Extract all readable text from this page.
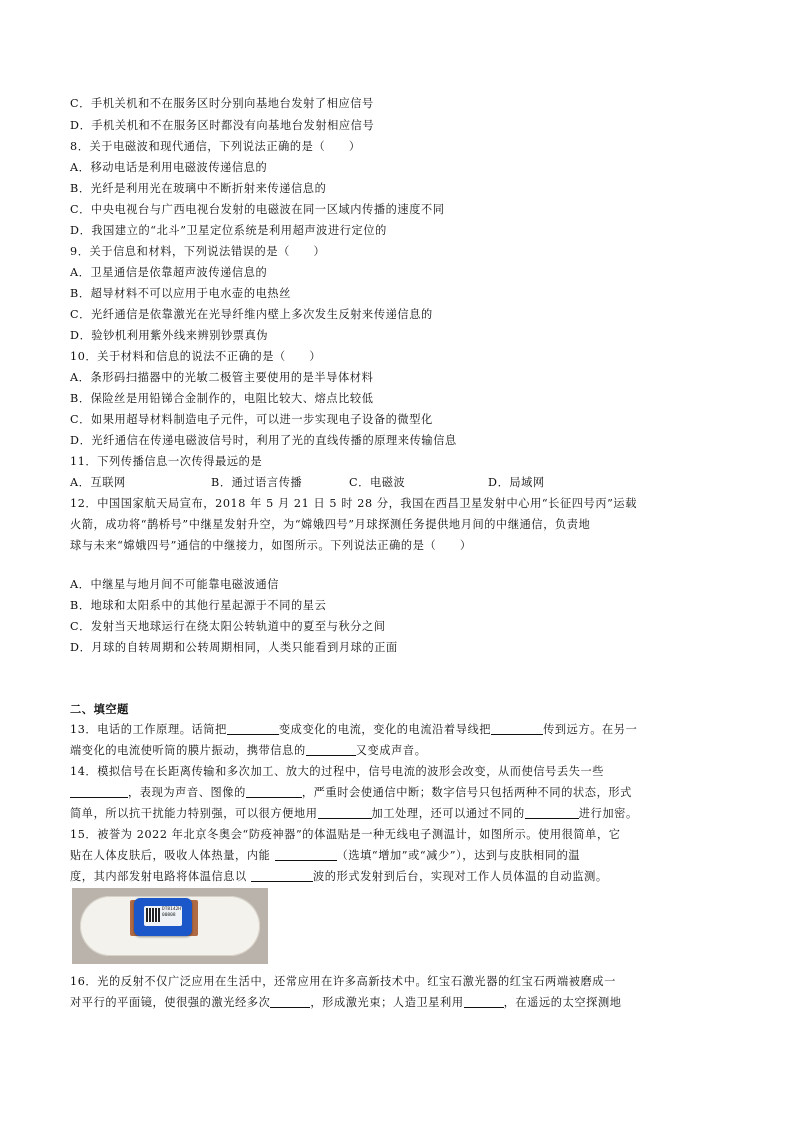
C．手机关机和不在服务区时分别向基地台发射了相应信号
D．手机关机和不在服务区时都没有向基地台发射相应信号
8．关于电磁波和现代通信，下列说法正确的是（　　）
A．移动电话是利用电磁波传递信息的
B．光纤是利用光在玻璃中不断折射来传递信息的
C．中央电视台与广西电视台发射的电磁波在同一区域内传播的速度不同
D．我国建立的“北斗”卫星定位系统是利用超声波进行定位的
9．关于信息和材料，下列说法错误的是（　　）
A．卫星通信是依靠超声波传递信息的
B．超导材料不可以应用于电水壶的电热丝
C．光纤通信是依靠激光在光导纤维内壁上多次发生反射来传递信息的
D．验钞机利用紫外线来辨别钞票真伪
10．关于材料和信息的说法不正确的是（　　）
A．条形码扫描器中的光敏二极管主要使用的是半导体材料
B．保险丝是用铅锑合金制作的，电阻比较大、熔点比较低
C．如果用超导材料制造电子元件，可以进一步实现电子设备的微型化
D．光纤通信在传递电磁波信号时，利用了光的直线传播的原理来传输信息
11．下列传播信息一次传得最远的是
A．互联网	B．通过语言传播	C．电磁波	D．局域网
12．中国国家航天局宣布，2018 年 5 月 21 日 5 时 28 分，我国在西昌卫星发射中心用“长征四号丙”运载
火箭，成功将“鹊桥号”中继星发射升空，为“嫦娥四号”月球探测任务提供地月间的中继通信，负责地
球与未来“嫦娥四号”通信的中继接力，如图所示。下列说法正确的是（　　）
A．中继星与地月间不可能靠电磁波通信
B．地球和太阳系中的其他行星起源于不同的星云
C．发射当天地球运行在绕太阳公转轨道中的夏至与秋分之间
D．月球的自转周期和公转周期相同，人类只能看到月球的正面
二、填空题
13．电话的工作原理。话筒把	变成变化的电流，变化的电流沿着导线把	传到远方。在另一
端变化的电流使听筒的膜片振动，携带信息的	又变成声音。
14．模拟信号在长距离传输和多次加工、放大的过程中，信号电流的波形会改变，从而使信号丢失一些
，表现为声音、图像的	，严重时会使通信中断；数字信号只包括两种不同的状态，形式
简单，所以抗干扰能力特别强，可以很方便地用	加工处理，还可以通过不同的	进行加密。
15．被誉为 2022 年北京冬奥会“防疫神器”的体温贴是一种无线电子测温计，如图所示。使用很简单，它
贴在人体皮肤后，吸收人体热量，内能	（选填“增加”或“减少”），达到与皮肤相同的温
度，其内部发射电路将体温信息以	波的形式发射到后台，实现对工作人员体温的自动监测。
DT8142H
00808
16．光的反射不仅广泛应用在生活中，还常应用在许多高新技术中。红宝石激光器的红宝石两端被磨成一
对平行的平面镜，使很强的激光经多次	，形成激光束；人造卫星利用	，在遥远的太空探测地
